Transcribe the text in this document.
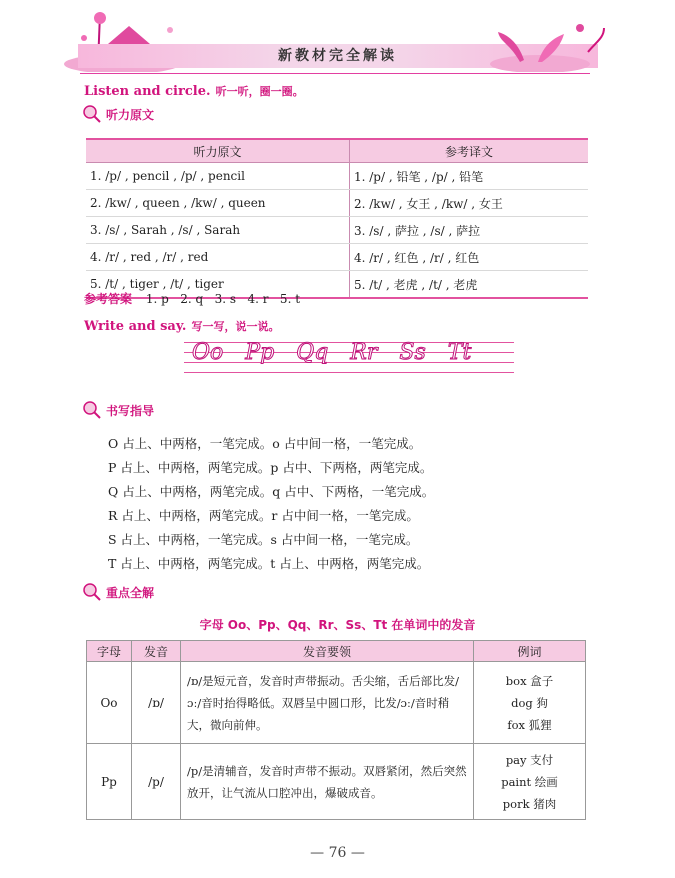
新教材完全解读
Listen and circle. 听一听，圈一圈。
听力原文
听力原文	参考译文
1. /p/ , pencil , /p/ , pencil	1. /p/ , 铅笔 , /p/ , 铅笔
2. /kw/ , queen , /kw/ , queen	2. /kw/ , 女王 , /kw/ , 女王
3. /s/ , Sarah , /s/ , Sarah	3. /s/ , 萨拉 , /s/ , 萨拉
4. /r/ , red , /r/ , red	4. /r/ , 红色 , /r/ , 红色
5. /t/ , tiger , /t/ , tiger	5. /t/ , 老虎 , /t/ , 老虎
参考答案 1. p   2. q   3. s   4. r   5. t
Write and say. 写一写，说一说。
Oo Pp Qq Rr Ss Tt
书写指导
O 占上、中两格，一笔完成。o 占中间一格，一笔完成。
P 占上、中两格，两笔完成。p 占中、下两格，两笔完成。
Q 占上、中两格，两笔完成。q 占中、下两格，一笔完成。
R 占上、中两格，两笔完成。r 占中间一格，一笔完成。
S 占上、中两格，一笔完成。s 占中间一格，一笔完成。
T 占上、中两格，两笔完成。t 占上、中两格，两笔完成。
重点全解
字母 Oo、Pp、Qq、Rr、Ss、Tt 在单词中的发音
字母	发音	发音要领	例词
Oo	/ɒ/	/ɒ/是短元音，发音时声带振动。舌尖缩，舌后部比发/ɔː/音时抬得略低。双唇呈中圆口形，比发/ɔː/音时稍大，微向前伸。	box 盒子
dog 狗
fox 狐狸

Pp	/p/	/p/是清辅音，发音时声带不振动。双唇紧闭，然后突然放开，让气流从口腔冲出，爆破成音。	pay 支付
paint 绘画
pork 猪肉
— 76 —
